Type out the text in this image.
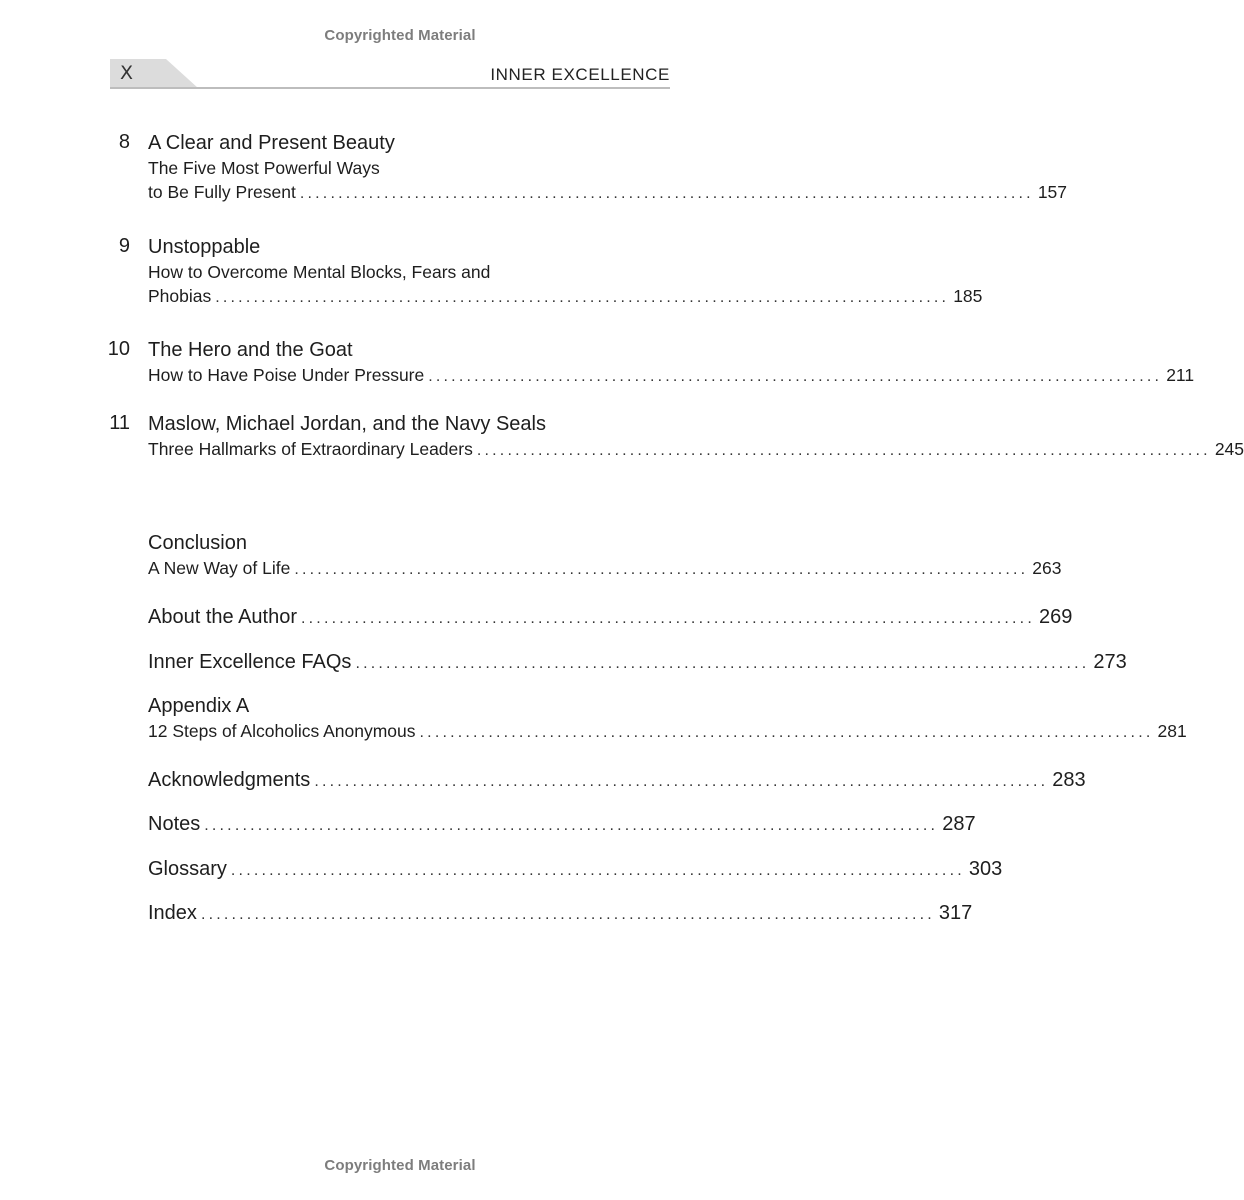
Copyrighted Material
X	INNER EXCELLENCE
8 A Clear and Present Beauty
The Five Most Powerful Ways
to Be Fully Present ................................................................................................ 157
9 Unstoppable
How to Overcome Mental Blocks, Fears and
Phobias ................................................................................................ 185
10 The Hero and the Goat
How to Have Poise Under Pressure ................................................................................................ 211
11 Maslow, Michael Jordan, and the Navy Seals
Three Hallmarks of Extraordinary Leaders ................................................................................................ 245
Conclusion
A New Way of Life ................................................................................................ 263
About the Author ................................................................................................ 269
Inner Excellence FAQs ................................................................................................ 273
Appendix A
12 Steps of Alcoholics Anonymous ................................................................................................ 281
Acknowledgments ................................................................................................ 283
Notes ................................................................................................ 287
Glossary ................................................................................................ 303
Index ................................................................................................ 317
Copyrighted Material
